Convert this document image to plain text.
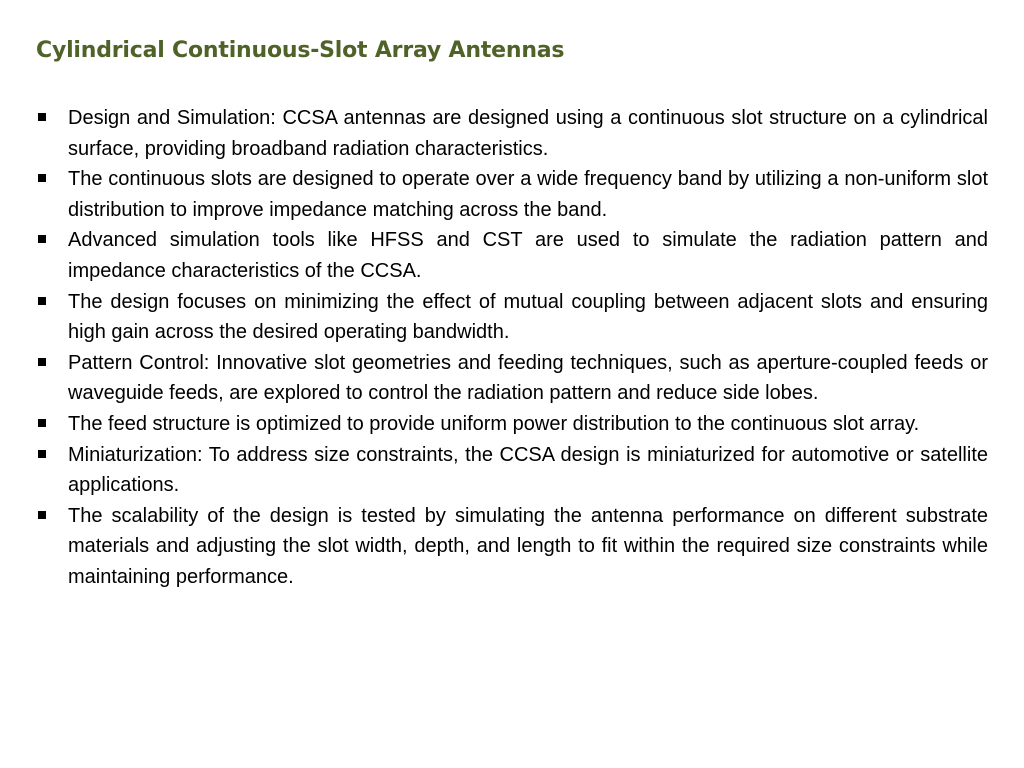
Cylindrical Continuous-Slot Array Antennas
Design and Simulation: CCSA antennas are designed using a continuous slot structure on a cylindrical surface, providing broadband radiation characteristics.
The continuous slots are designed to operate over a wide frequency band by utilizing a non-uniform slot distribution to improve impedance matching across the band.
Advanced simulation tools like HFSS and CST are used to simulate the radiation pattern and impedance characteristics of the CCSA.
The design focuses on minimizing the effect of mutual coupling between adjacent slots and ensuring high gain across the desired operating bandwidth.
Pattern Control: Innovative slot geometries and feeding techniques, such as aperture-coupled feeds or waveguide feeds, are explored to control the radiation pattern and reduce side lobes.
The feed structure is optimized to provide uniform power distribution to the continuous slot array.
Miniaturization: To address size constraints, the CCSA design is miniaturized for automotive or satellite applications.
The scalability of the design is tested by simulating the antenna performance on different substrate materials and adjusting the slot width, depth, and length to fit within the required size constraints while maintaining performance.
